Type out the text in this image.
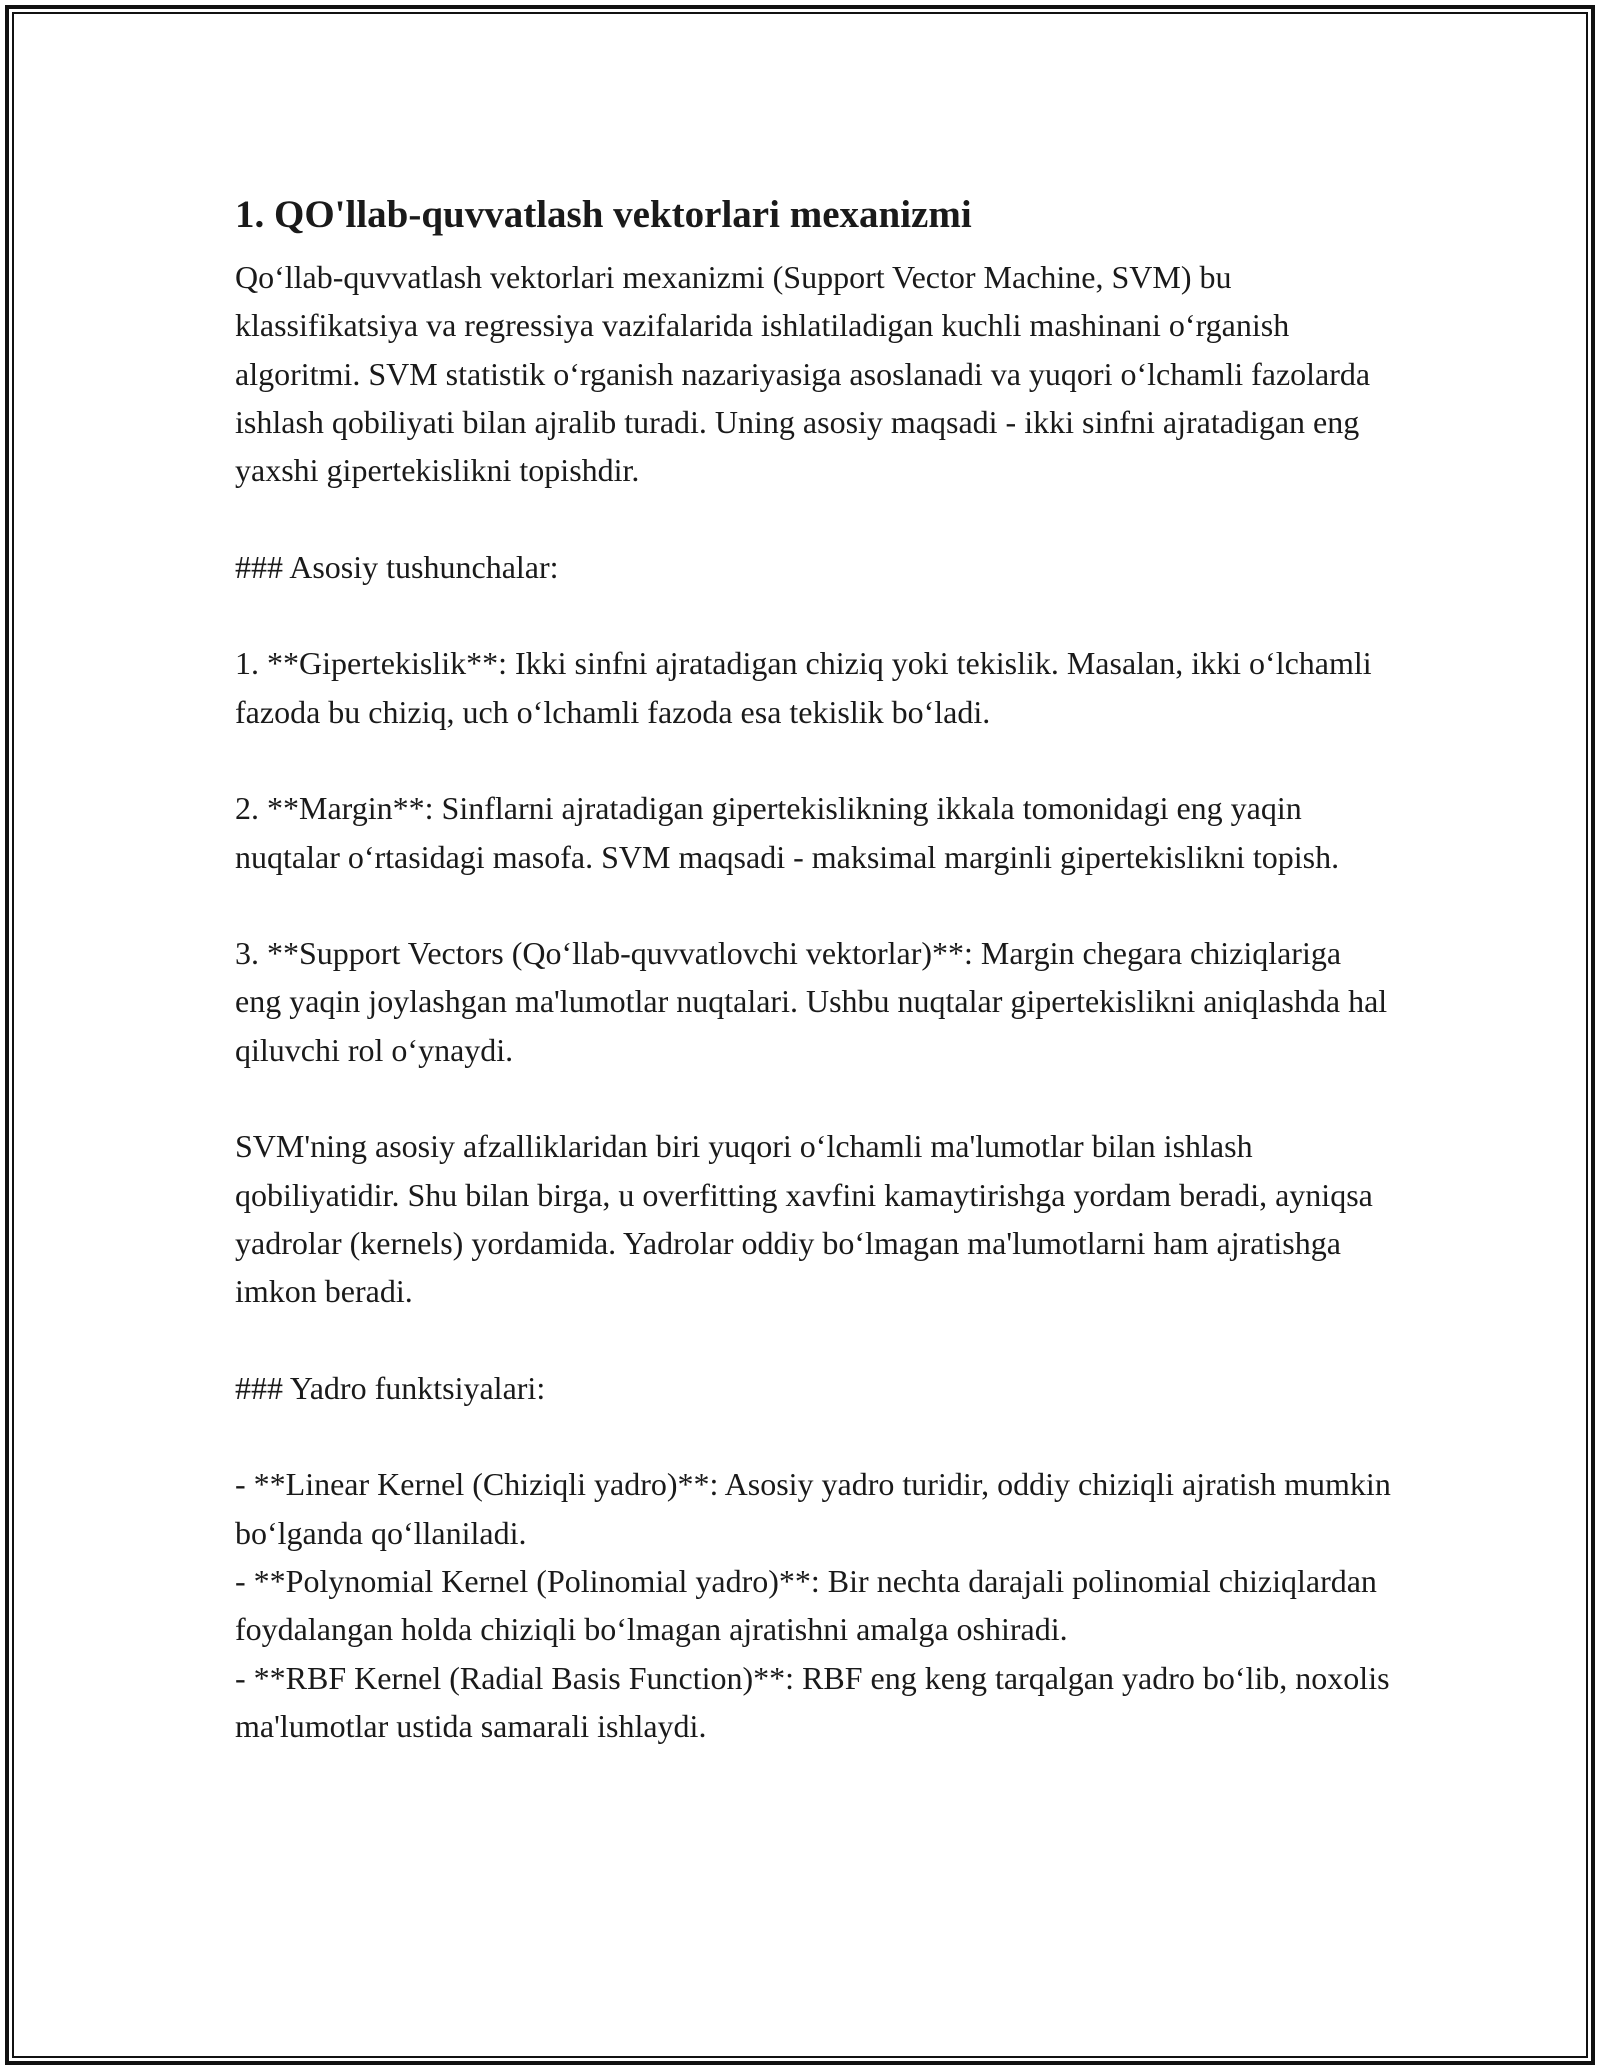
1. QO'llab-quvvatlash vektorlari mexanizmi

Qo‘llab-quvvatlash vektorlari mexanizmi (Support Vector Machine, SVM) bu klassifikatsiya va regressiya vazifalarida ishlatiladigan kuchli mashinani o‘rganish algoritmi. SVM statistik o‘rganish nazariyasiga asoslanadi va yuqori o‘lchamli fazolarda ishlash qobiliyati bilan ajralib turadi. Uning asosiy maqsadi - ikki sinfni ajratadigan eng yaxshi gipertekislikni topishdir.

### Asosiy tushunchalar:

1. **Gipertekislik**: Ikki sinfni ajratadigan chiziq yoki tekislik. Masalan, ikki o‘lchamli fazoda bu chiziq, uch o‘lchamli fazoda esa tekislik bo‘ladi.

2. **Margin**: Sinflarni ajratadigan gipertekislikning ikkala tomonidagi eng yaqin nuqtalar o‘rtasidagi masofa. SVM maqsadi - maksimal marginli gipertekislikni topish.

3. **Support Vectors (Qo‘llab-quvvatlovchi vektorlar)**: Margin chegara chiziqlariga eng yaqin joylashgan ma'lumotlar nuqtalari. Ushbu nuqtalar gipertekislikni aniqlashda hal qiluvchi rol o‘ynaydi.

SVM'ning asosiy afzalliklaridan biri yuqori o‘lchamli ma'lumotlar bilan ishlash qobiliyatidir. Shu bilan birga, u overfitting xavfini kamaytirishga yordam beradi, ayniqsa yadrolar (kernels) yordamida. Yadrolar oddiy bo‘lmagan ma'lumotlarni ham ajratishga imkon beradi.

### Yadro funktsiyalari:

- **Linear Kernel (Chiziqli yadro)**: Asosiy yadro turidir, oddiy chiziqli ajratish mumkin bo‘lganda qo‘llaniladi.

- **Polynomial Kernel (Polinomial yadro)**: Bir nechta darajali polinomial chiziqlardan foydalangan holda chiziqli bo‘lmagan ajratishni amalga oshiradi.

- **RBF Kernel (Radial Basis Function)**: RBF eng keng tarqalgan yadro bo‘lib, noxolis ma'lumotlar ustida samarali ishlaydi.
